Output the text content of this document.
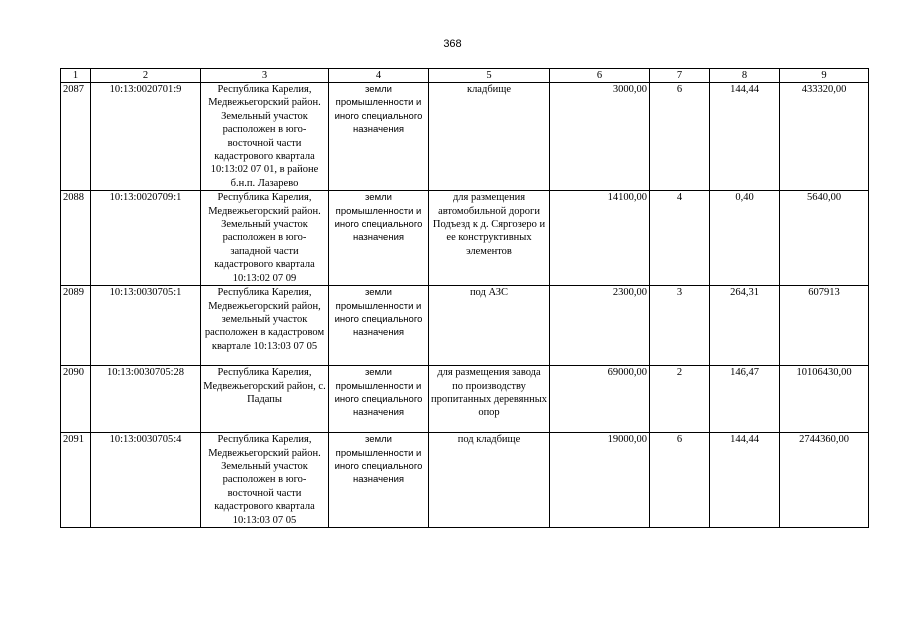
368
1	2	3	4	5	6	7	8	9
2087	10:13:0020701:9	Республика Карелия, Медвежьегорский район. Земельный участок расположен в юго-восточной части кадастрового квартала 10:13:02 07 01, в районе б.н.п. Лазарево	земли промышленности и иного специального назначения	кладбище	3000,00	6	144,44	433320,00
2088	10:13:0020709:1	Республика Карелия, Медвежьегорский район. Земельный участок расположен в юго-западной части кадастрового квартала 10:13:02 07 09	земли промышленности и иного специального назначения	для размещения автомобильной дороги Подъезд к д. Сяргозеро и ее конструктивных элементов	14100,00	4	0,40	5640,00
2089	10:13:0030705:1	Республика Карелия, Медвежьегорский район, земельный участок расположен в кадастровом квартале 10:13:03 07 05	земли промышленности и иного специального назначения	под АЗС	2300,00	3	264,31	607913
2090	10:13:0030705:28	Республика Карелия, Медвежьегорский район, с. Падапы	земли промышленности и иного специального назначения	для размещения завода по производству пропитанных деревянных опор	69000,00	2	146,47	10106430,00
2091	10:13:0030705:4	Республика Карелия, Медвежьегорский район. Земельный участок расположен в юго-восточной части кадастрового квартала 10:13:03 07 05	земли промышленности и иного специального назначения	под кладбище	19000,00	6	144,44	2744360,00
